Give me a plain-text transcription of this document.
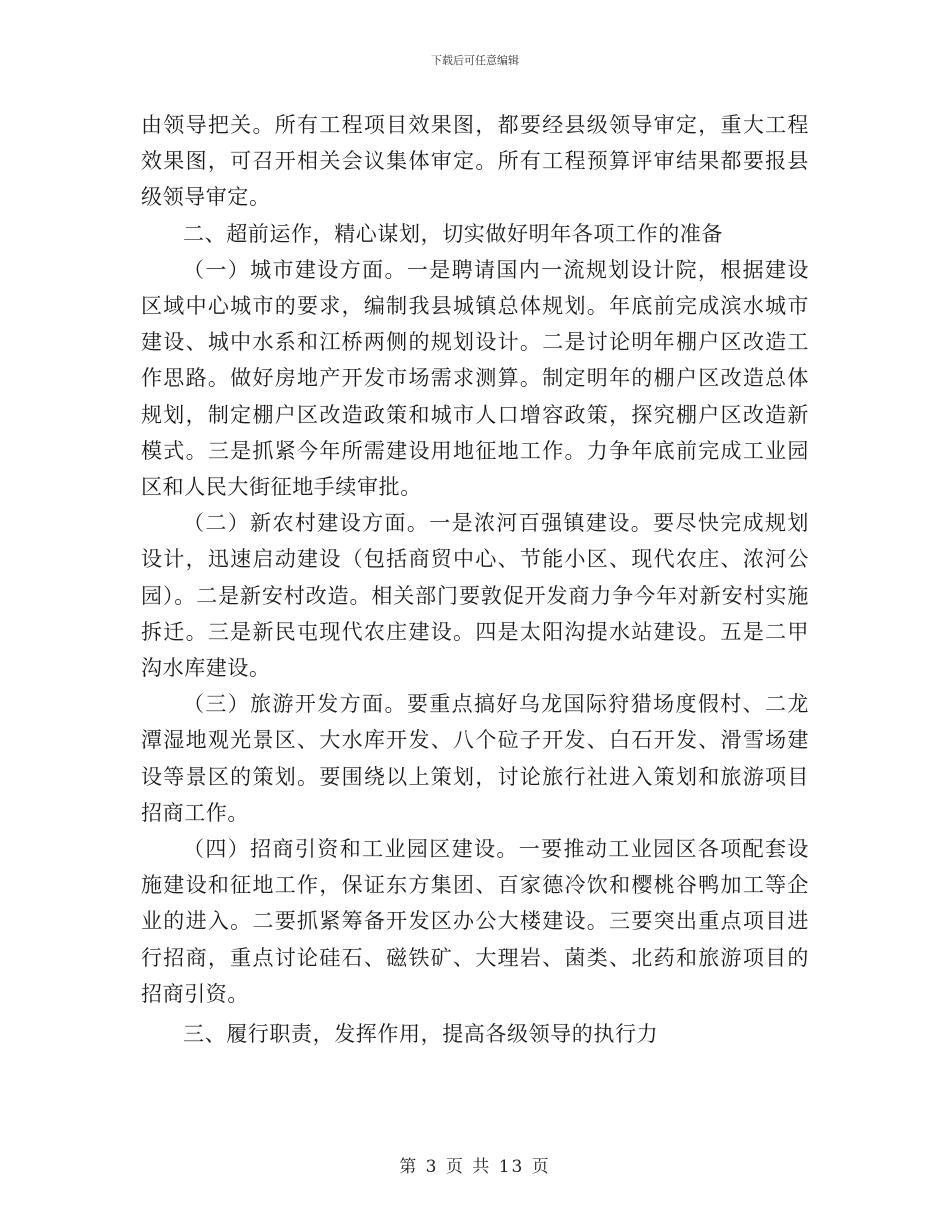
下载后可任意编辑

由领导把关。所有工程项目效果图，都要经县级领导审定，重大工程效果图，可召开相关会议集体审定。所有工程预算评审结果都要报县级领导审定。

二、超前运作，精心谋划，切实做好明年各项工作的准备

（一）城市建设方面。一是聘请国内一流规划设计院，根据建设区域中心城市的要求，编制我县城镇总体规划。年底前完成滨水城市建设、城中水系和江桥两侧的规划设计。二是讨论明年棚户区改造工作思路。做好房地产开发市场需求测算。制定明年的棚户区改造总体规划，制定棚户区改造政策和城市人口增容政策，探究棚户区改造新模式。三是抓紧今年所需建设用地征地工作。力争年底前完成工业园区和人民大街征地手续审批。

（二）新农村建设方面。一是浓河百强镇建设。要尽快完成规划设计，迅速启动建设（包括商贸中心、节能小区、现代农庄、浓河公园）。二是新安村改造。相关部门要敦促开发商力争今年对新安村实施拆迁。三是新民屯现代农庄建设。四是太阳沟提水站建设。五是二甲沟水库建设。

（三）旅游开发方面。要重点搞好乌龙国际狩猎场度假村、二龙潭湿地观光景区、大水库开发、八个砬子开发、白石开发、滑雪场建设等景区的策划。要围绕以上策划，讨论旅行社进入策划和旅游项目招商工作。

（四）招商引资和工业园区建设。一要推动工业园区各项配套设施建设和征地工作，保证东方集团、百家德冷饮和樱桃谷鸭加工等企业的进入。二要抓紧筹备开发区办公大楼建设。三要突出重点项目进行招商，重点讨论硅石、磁铁矿、大理岩、菌类、北药和旅游项目的招商引资。

三、履行职责，发挥作用，提高各级领导的执行力

第 3 页 共 13 页
